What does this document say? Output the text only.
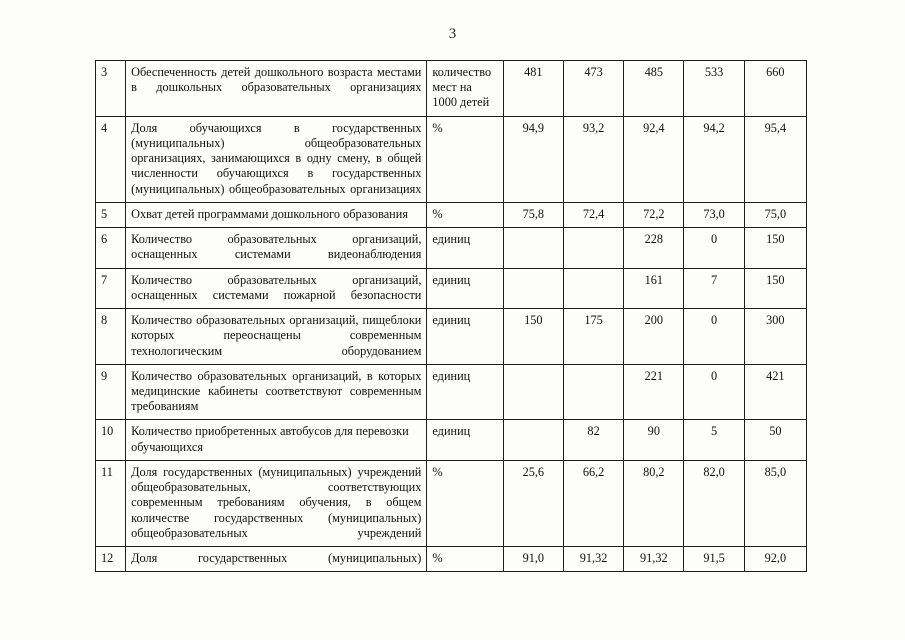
3
3	Обеспеченность детей дошкольного возраста местами в дошкольных образовательных организациях	количество мест на 1000 детей	481	473	485	533	660
4	Доля обучающихся в государственных (муниципальных) общеобразовательных организациях, занимающихся в одну смену, в общей численности обучающихся в государственных (муниципальных) общеобразовательных организациях	%	94,9	93,2	92,4	94,2	95,4
5	Охват детей программами дошкольного образования	%	75,8	72,4	72,2	73,0	75,0
6	Количество образовательных организаций, оснащенных системами видеонаблюдения	единиц			228	0	150
7	Количество образовательных организаций, оснащенных системами пожарной безопасности	единиц			161	7	150
8	Количество образовательных организаций, пищеблоки которых переоснащены современным технологическим оборудованием	единиц	150	175	200	0	300
9	Количество образовательных организаций, в которых медицинские кабинеты соответствуют современным требованиям	единиц			221	0	421
10	Количество приобретенных автобусов для перевозки обучающихся	единиц		82	90	5	50
11	Доля государственных (муниципальных) учреждений общеобразовательных, соответствующих современным требованиям обучения, в общем количестве государственных (муниципальных) общеобразовательных учреждений	%	25,6	66,2	80,2	82,0	85,0
12	Доля государственных (муниципальных)	%	91,0	91,32	91,32	91,5	92,0
